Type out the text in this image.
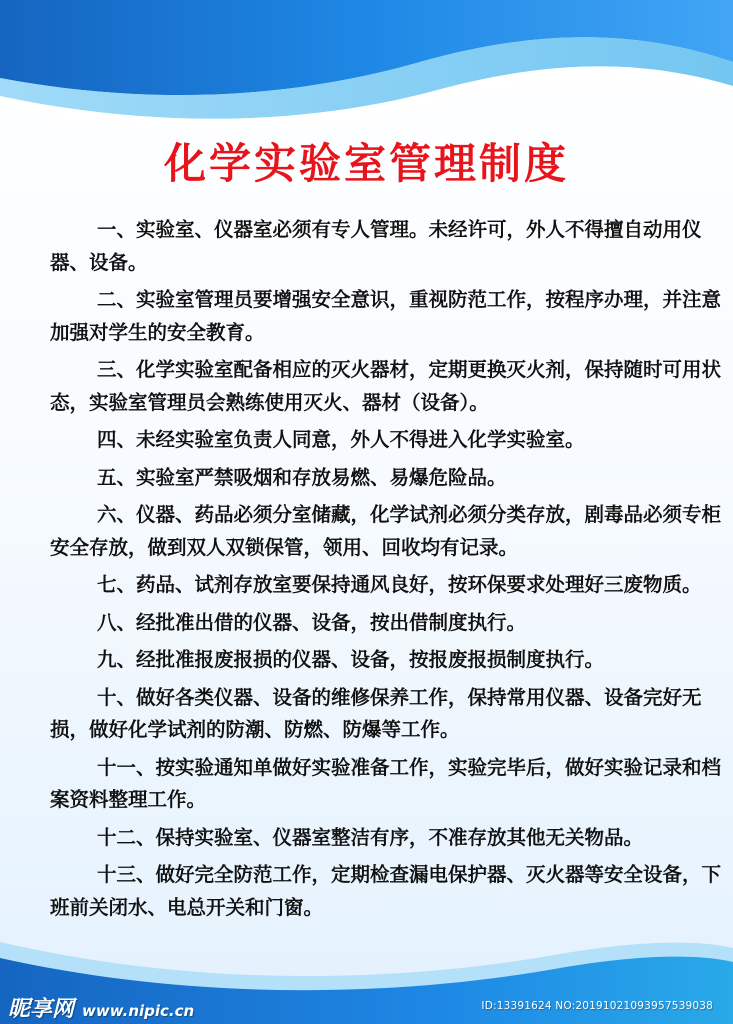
化学实验室管理制度
一、实验室、仪器室必须有专人管理。未经许可，外人不得擅自动用仪器、设备。
二、实验室管理员要增强安全意识，重视防范工作，按程序办理，并注意加强对学生的安全教育。
三、化学实验室配备相应的灭火器材，定期更换灭火剂，保持随时可用状态，实验室管理员会熟练使用灭火、器材（设备）。
四、未经实验室负责人同意，外人不得进入化学实验室。
五、实验室严禁吸烟和存放易燃、易爆危险品。
六、仪器、药品必须分室储藏，化学试剂必须分类存放，剧毒品必须专柜安全存放，做到双人双锁保管，领用、回收均有记录。
七、药品、试剂存放室要保持通风良好，按环保要求处理好三废物质。
八、经批准出借的仪器、设备，按出借制度执行。
九、经批准报废报损的仪器、设备，按报废报损制度执行。
十、做好各类仪器、设备的维修保养工作，保持常用仪器、设备完好无损，做好化学试剂的防潮、防燃、防爆等工作。
十一、按实验通知单做好实验准备工作，实验完毕后，做好实验记录和档案资料整理工作。
十二、保持实验室、仪器室整洁有序，不准存放其他无关物品。
十三、做好完全防范工作，定期检查漏电保护器、灭火器等安全设备，下班前关闭水、电总开关和门窗。
昵享网 www.nipic.cn	ID:13391624 NO:20191021093957539038
